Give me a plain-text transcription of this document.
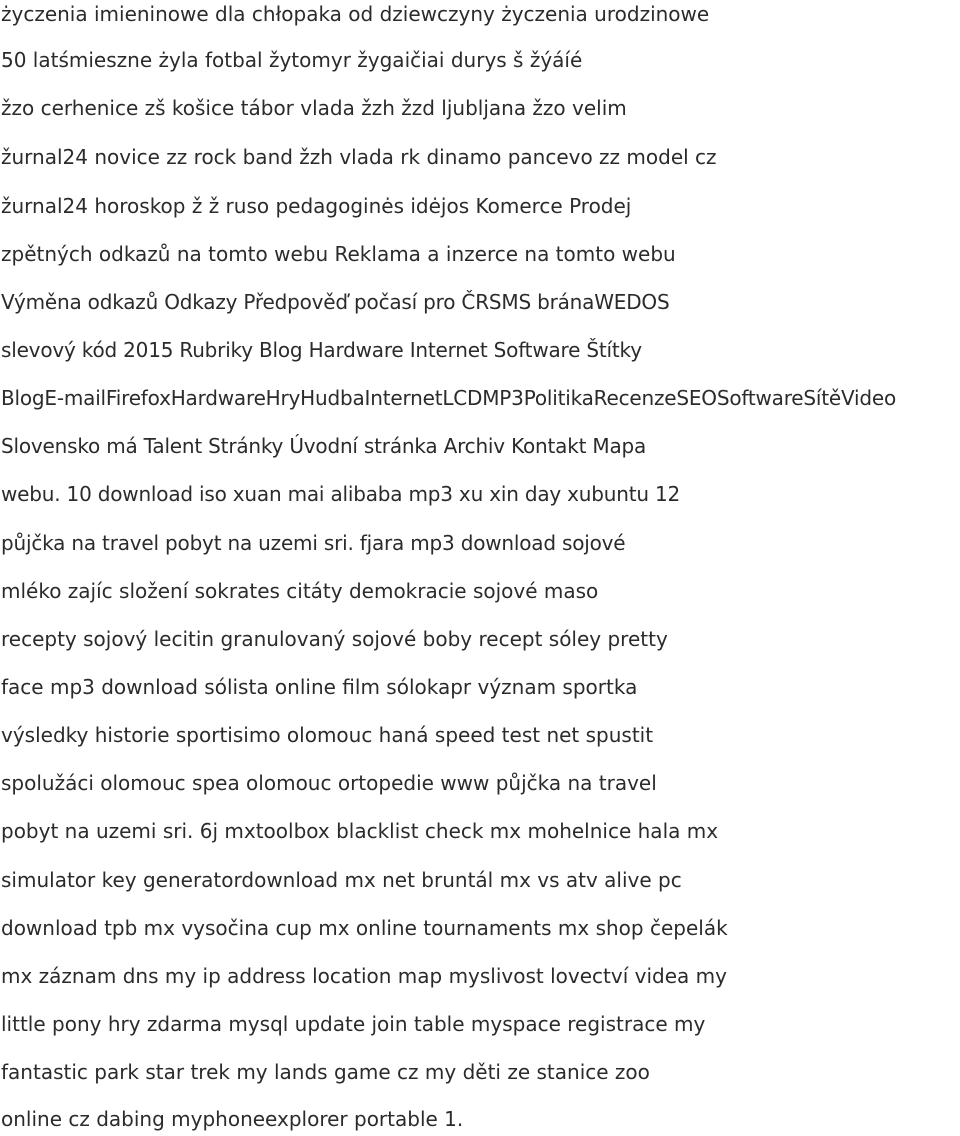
życzenia imieninowe dla chłopaka od dziewczyny życzenia urodzinowe
50 latśmieszne żyla fotbal žytomyr žygaičiai durys š žýáíé
žzo cerhenice zš košice tábor vlada žzh žzd ljubljana žzo velim
žurnal24 novice zz rock band žzh vlada rk dinamo pancevo zz model cz
žurnal24 horoskop ž ž ruso pedagoginės idėjos Komerce Prodej
zpětných odkazů na tomto webu Reklama a inzerce na tomto webu
Výměna odkazů Odkazy Předpověď počasí pro ČRSMS bránaWEDOS
slevový kód 2015 Rubriky Blog Hardware Internet Software Štítky
BlogE-mailFirefoxHardwareHryHudbaInternetLCDMP3PolitikaRecenzeSEOSoftwareSítěVideo
Slovensko má Talent Stránky Úvodní stránka Archiv Kontakt Mapa
webu. 10 download iso xuan mai alibaba mp3 xu xin day xubuntu 12
půjčka na travel pobyt na uzemi sri. fjara mp3 download sojové
mléko zajíc složení sokrates citáty demokracie sojové maso
recepty sojový lecitin granulovaný sojové boby recept sóley pretty
face mp3 download sólista online film sólokapr význam sportka
výsledky historie sportisimo olomouc haná speed test net spustit
spolužáci olomouc spea olomouc ortopedie www půjčka na travel
pobyt na uzemi sri. 6j mxtoolbox blacklist check mx mohelnice hala mx
simulator key generatordownload mx net bruntál mx vs atv alive pc
download tpb mx vysočina cup mx online tournaments mx shop čepelák
mx záznam dns my ip address location map myslivost lovectví videa my
little pony hry zdarma mysql update join table myspace registrace my
fantastic park star trek my lands game cz my děti ze stanice zoo
online cz dabing myphoneexplorer portable 1.
